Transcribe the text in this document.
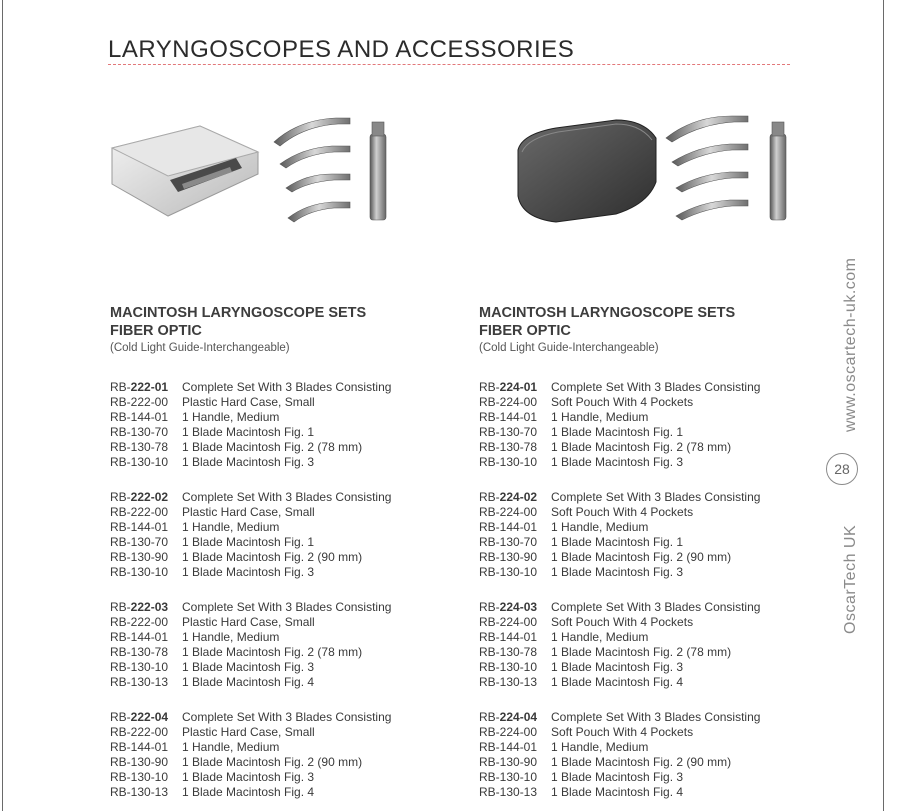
LARYNGOSCOPES AND ACCESSORIES

MACINTOSH LARYNGOSCOPE SETS

FIBER OPTIC

(Cold Light Guide-Interchangeable)

RB-222-01	Complete Set With 3 Blades Consisting
RB-222-00	Plastic Hard Case, Small
RB-144-01	1 Handle, Medium
RB-130-70	1 Blade Macintosh Fig. 1
RB-130-78	1 Blade Macintosh Fig. 2 (78 mm)
RB-130-10	1 Blade Macintosh Fig. 3
RB-222-02	Complete Set With 3 Blades Consisting
RB-222-00	Plastic Hard Case, Small
RB-144-01	1 Handle, Medium
RB-130-70	1 Blade Macintosh Fig. 1
RB-130-90	1 Blade Macintosh Fig. 2 (90 mm)
RB-130-10	1 Blade Macintosh Fig. 3
RB-222-03	Complete Set With 3 Blades Consisting
RB-222-00	Plastic Hard Case, Small
RB-144-01	1 Handle, Medium
RB-130-78	1 Blade Macintosh Fig. 2 (78 mm)
RB-130-10	1 Blade Macintosh Fig. 3
RB-130-13	1 Blade Macintosh Fig. 4
RB-222-04	Complete Set With 3 Blades Consisting
RB-222-00	Plastic Hard Case, Small
RB-144-01	1 Handle, Medium
RB-130-90	1 Blade Macintosh Fig. 2 (90 mm)
RB-130-10	1 Blade Macintosh Fig. 3
RB-130-13	1 Blade Macintosh Fig. 4

MACINTOSH LARYNGOSCOPE SETS

FIBER OPTIC

(Cold Light Guide-Interchangeable)

RB-224-01	Complete Set With 3 Blades Consisting
RB-224-00	Soft Pouch With 4 Pockets
RB-144-01	1 Handle, Medium
RB-130-70	1 Blade Macintosh Fig. 1
RB-130-78	1 Blade Macintosh Fig. 2 (78 mm)
RB-130-10	1 Blade Macintosh Fig. 3
RB-224-02	Complete Set With 3 Blades Consisting
RB-224-00	Soft Pouch With 4 Pockets
RB-144-01	1 Handle, Medium
RB-130-70	1 Blade Macintosh Fig. 1
RB-130-90	1 Blade Macintosh Fig. 2 (90 mm)
RB-130-10	1 Blade Macintosh Fig. 3
RB-224-03	Complete Set With 3 Blades Consisting
RB-224-00	Soft Pouch With 4 Pockets
RB-144-01	1 Handle, Medium
RB-130-78	1 Blade Macintosh Fig. 2 (78 mm)
RB-130-10	1 Blade Macintosh Fig. 3
RB-130-13	1 Blade Macintosh Fig. 4
RB-224-04	Complete Set With 3 Blades Consisting
RB-224-00	Soft Pouch With 4 Pockets
RB-144-01	1 Handle, Medium
RB-130-90	1 Blade Macintosh Fig. 2 (90 mm)
RB-130-10	1 Blade Macintosh Fig. 3
RB-130-13	1 Blade Macintosh Fig. 4
OscarTech UK
www.oscartech-uk.com
28
